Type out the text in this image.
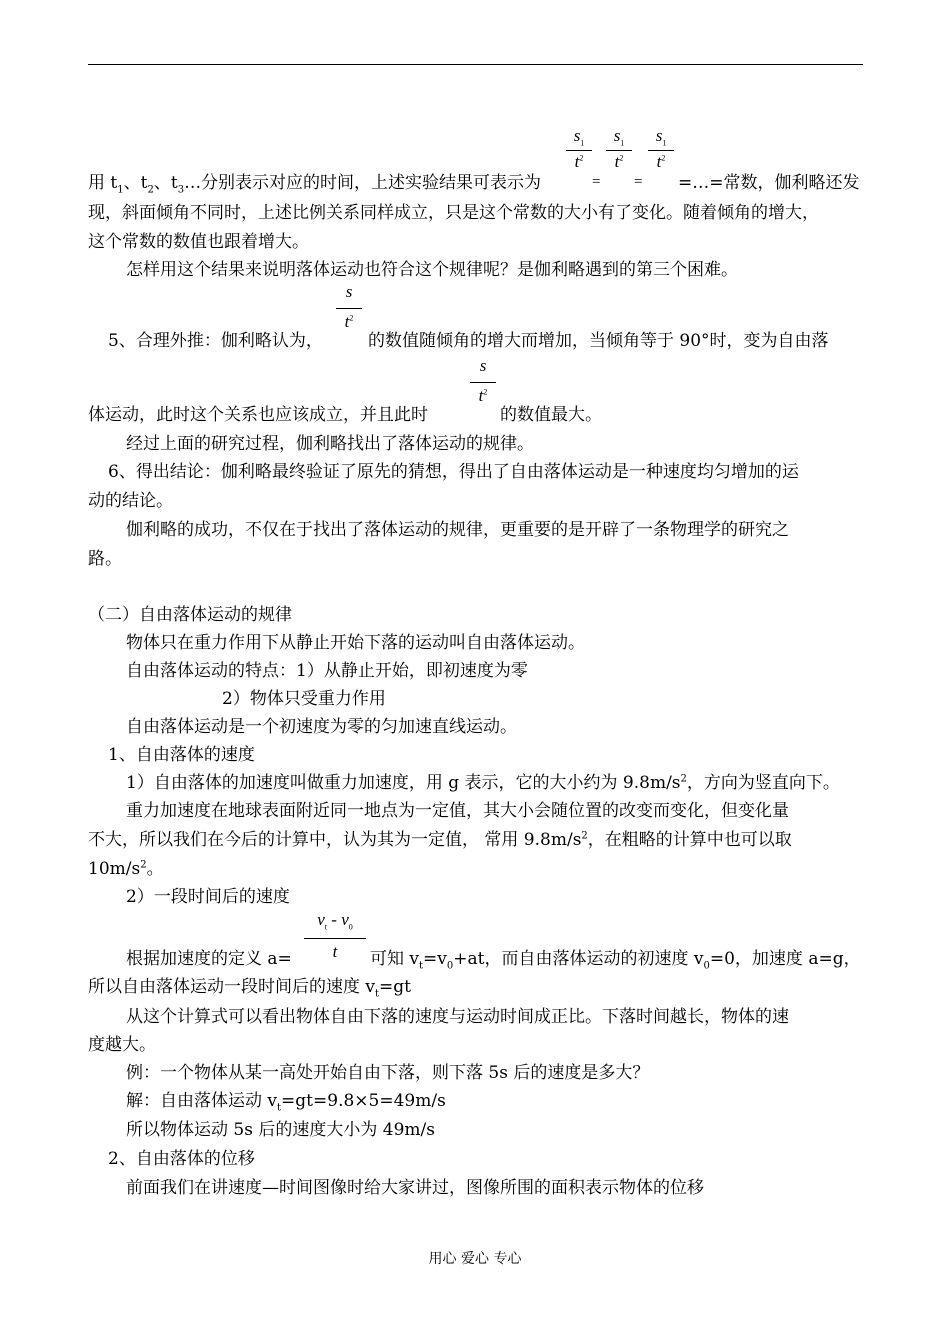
用 $t_1$、$t_2$、$t_3\dots$分别表示对应的时间，上述实验结果可表示为
$s_1$
$t^2$
=
$s_1$
$t^2$
=
$s_1$
$t^2$
=…=常数，伽利略还发
现，斜面倾角不同时，上述比例关系同样成立，只是这个常数的大小有了变化。随着倾角的增大，
这个常数的数值也跟着增大。
怎样用这个结果来说明落体运动也符合这个规律呢？是伽利略遇到的第三个困难。
s
$t^2$
5、合理外推：伽利略认为，	的数值随倾角的增大而增加，当倾角等于 90°时，变为自由落
s
$t^2$
体运动，此时这个关系也应该成立，并且此时	的数值最大。
经过上面的研究过程，伽利略找出了落体运动的规律。
6、得出结论：伽利略最终验证了原先的猜想，得出了自由落体运动是一种速度均匀增加的运
动的结论。
伽利略的成功，不仅在于找出了落体运动的规律，更重要的是开辟了一条物理学的研究之
路。
（二）自由落体运动的规律
物体只在重力作用下从静止开始下落的运动叫自由落体运动。
自由落体运动的特点：1）从静止开始，即初速度为零
2）物体只受重力作用
自由落体运动是一个初速度为零的匀加速直线运动。
1、自由落体的速度
1）自由落体的加速度叫做重力加速度，用 g 表示，它的大小约为 $9.8m/s^2$，方向为竖直向下。
重力加速度在地球表面附近同一地点为一定值，其大小会随位置的改变而变化，但变化量
不大，所以我们在今后的计算中，认为其为一定值， 常用 $9.8m/s^2$，在粗略的计算中也可以取
$10m/s^2$。
2）一段时间后的速度
$v_t - v_0$
t
根据加速度的定义 a=	可知 $v_t=v_0+at$，而自由落体运动的初速度 $v_0=0$，加速度 a=g，
所以自由落体运动一段时间后的速度 $v_t=gt$
从这个计算式可以看出物体自由下落的速度与运动时间成正比。下落时间越长，物体的速
度越大。
例：一个物体从某一高处开始自由下落，则下落 5s 后的速度是多大？
解：自由落体运动 $v_t=gt=9.8\times 5=49m/s$
所以物体运动 5s 后的速度大小为 49m/s
2、自由落体的位移
前面我们在讲速度—时间图像时给大家讲过，图像所围的面积表示物体的位移
用心 爱心 专心
